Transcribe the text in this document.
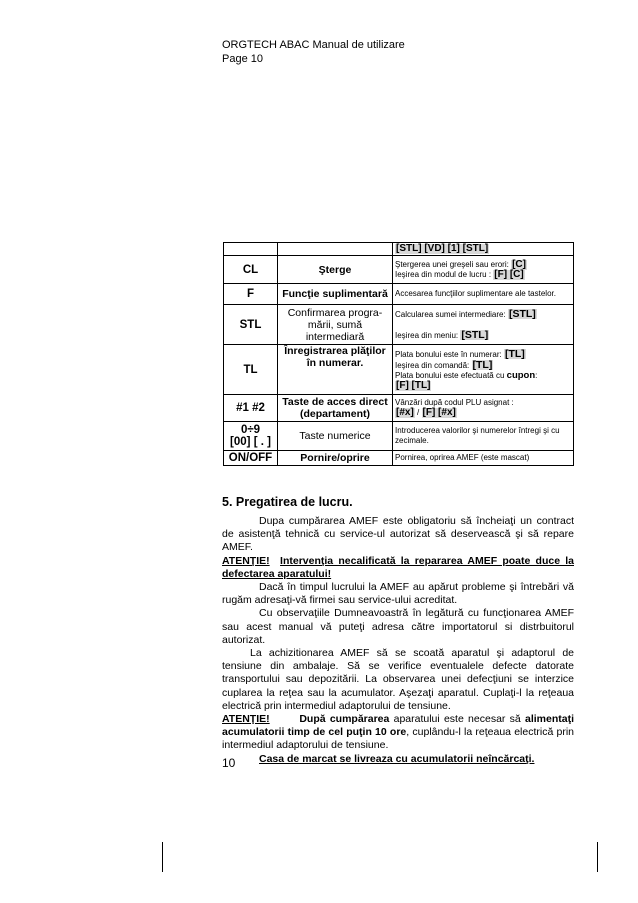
ORGTECH ABAC Manual de utilizare
Page 10
		[STL] [VD] [1] [STL]
CL	Şterge	Ştergerea unei greşeli sau erori: [C]
Ieşirea din modul de lucru : [F] [C]
F	Funcţie suplimentară	Accesarea funcţiilor suplimentare ale tastelor.
STL	Confirmarea progra-mării, sumă intermediară	Calcularea sumei intermediare: [STL]

Ieşirea din meniu: [STL]
TL	Înregistrarea plăţilor în numerar.	Plata bonului este în numerar: [TL]
Ieşirea din comandă: [TL]
Plata bonului este efectuată cu cupon:
[F] [TL]
#1 #2	Taste de acces direct (departament)	Vânzări după codul PLU asignat :
[#x] / [F] [#x]
0÷9
[00] [ . ]	Taste numerice	Introducerea valorilor şi numerelor întregi şi cu zecimale.
ON/OFF	Pornire/oprire	Pornirea, oprirea AMEF (este mascat)
5. Pregatirea de lucru.

Dupa cumpărarea AMEF este obligatoriu să încheiaţi un contract de asistenţă tehnică cu service-ul autorizat să deservească şi să repare AMEF.

ATENŢIE! Intervenţia necalificată la repararea AMEF poate duce la defectarea aparatului!

Dacă în timpul lucrului la AMEF au apărut probleme şi întrebări vă rugăm adresaţi-vă firmei sau service-ului acreditat.

Cu observaţiile Dumneavoastră în legătură cu funcţionarea AMEF sau acest manual vă puteţi adresa către importatorul si distrbuitorul autorizat.

La achizitionarea AMEF să se scoată aparatul şi adaptorul de tensiune din ambalaje. Să se verifice eventualele defecte datorate transportului sau depozitării. La observarea unei defecţiuni se interzice cuplarea la reţea sau la acumulator. Aşezaţi aparatul. Cuplaţi-l la reţeaua electrică prin intermediul adaptorului de tensiune.

ATENŢIE!	După cumpărarea aparatului este necesar să alimentaţi acumulatorii timp de cel puţin 10 ore, cuplându-l la reţeaua electrică prin intermediul adaptorului de tensiune.

Casa de marcat se livreaza cu acumulatorii neîncărcaţi.

10
